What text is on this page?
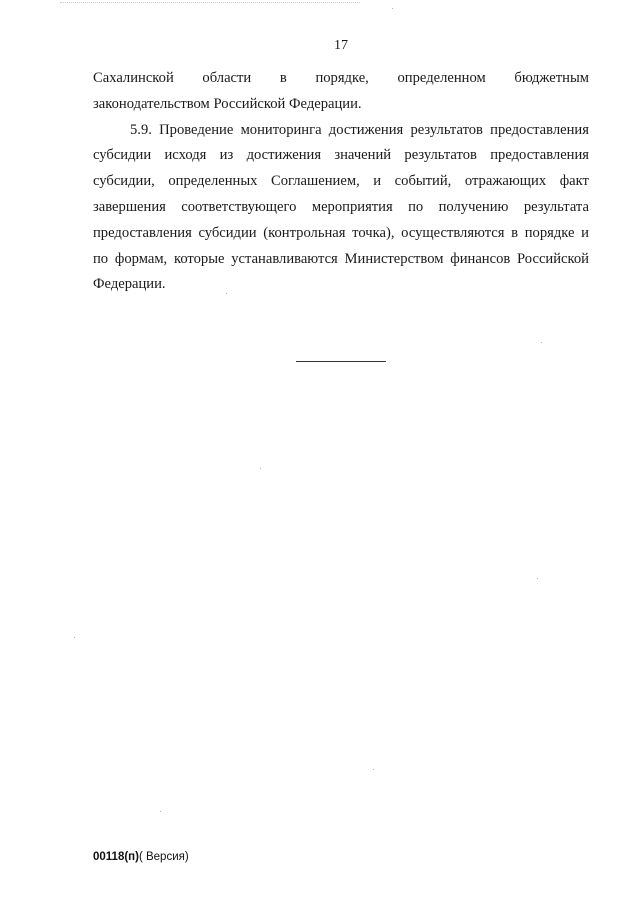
17
Сахалинской области в порядке, определенном бюджетным
законодательством Российской Федерации.
5.9. Проведение мониторинга достижения результатов предоставления
субсидии исходя из достижения значений результатов предоставления
субсидии, определенных Соглашением, и событий, отражающих факт
завершения соответствующего мероприятия по получению результата
предоставления субсидии (контрольная точка), осуществляются в порядке и
по формам, которые устанавливаются Министерством финансов Российской
Федерации.
00118(п)( Версия)
